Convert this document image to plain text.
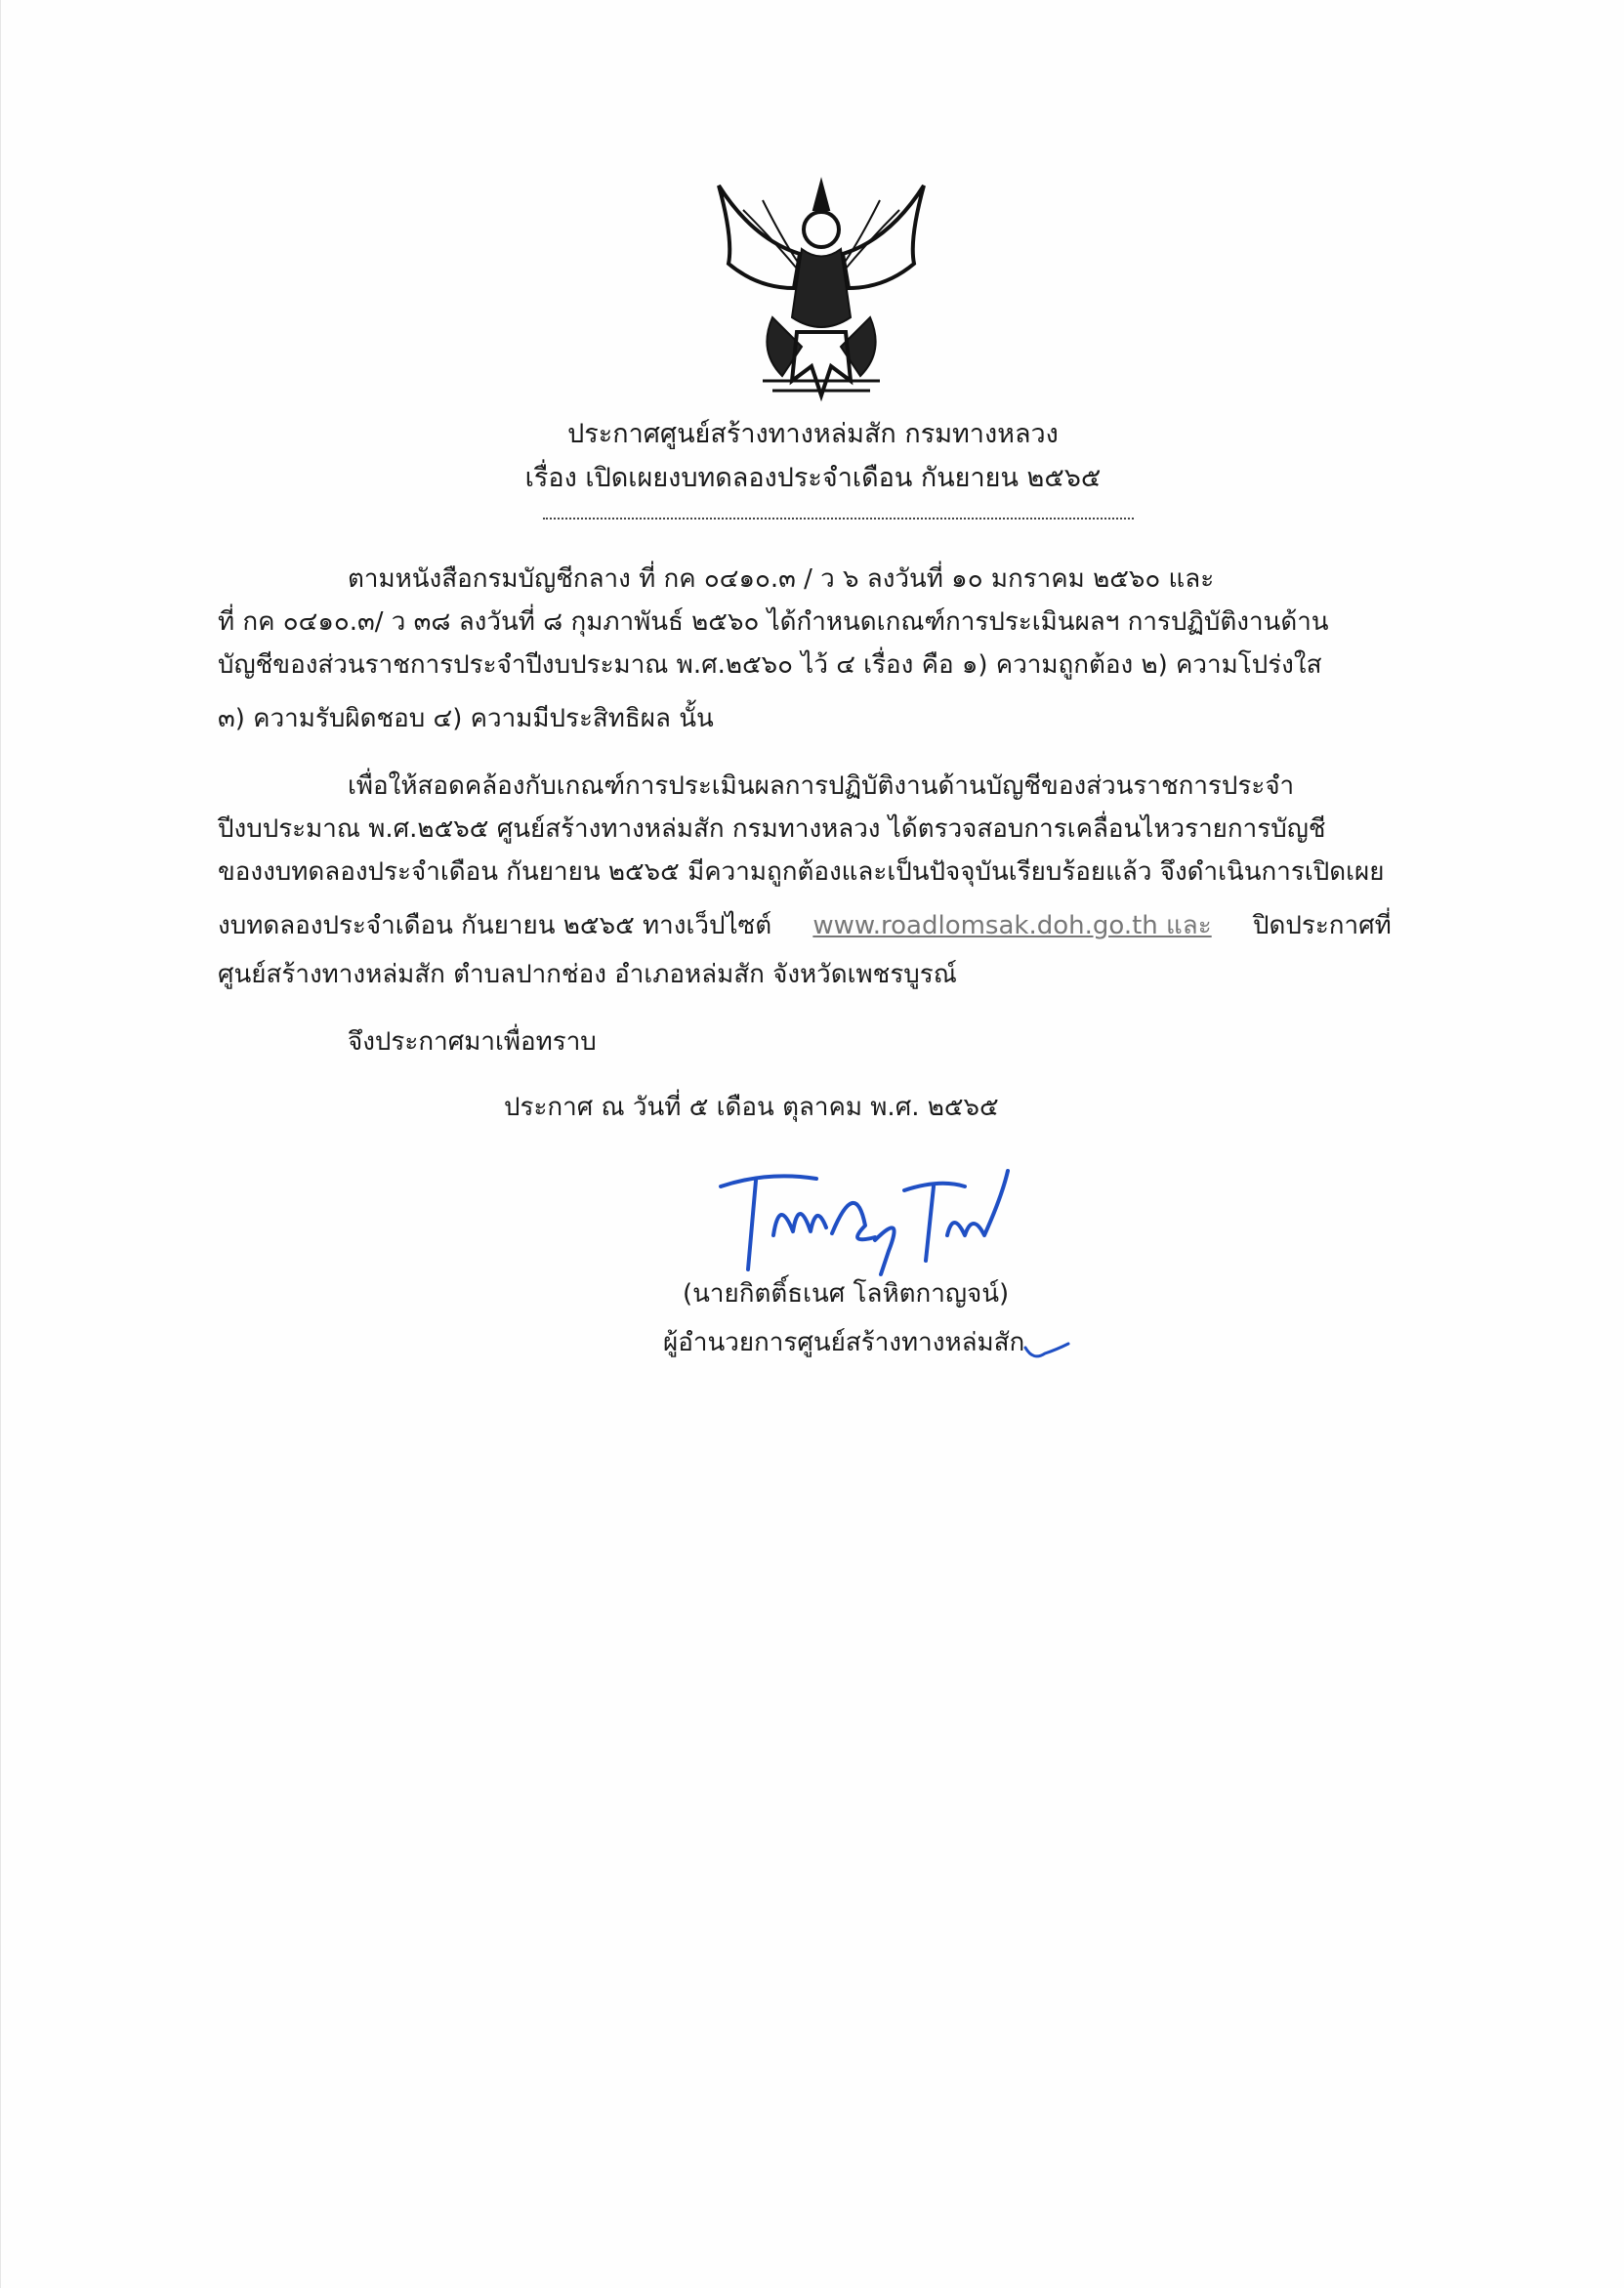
ประกาศศูนย์สร้างทางหล่มสัก กรมทางหลวง
เรื่อง เปิดเผยงบทดลองประจำเดือน กันยายน ๒๕๖๕
ตามหนังสือกรมบัญชีกลาง ที่ กค ๐๔๑๐.๓ / ว ๖ ลงวันที่ ๑๐ มกราคม ๒๕๖๐ และ
ที่ กค ๐๔๑๐.๓/ ว ๓๘ ลงวันที่ ๘ กุมภาพันธ์ ๒๕๖๐ ได้กำหนดเกณฑ์การประเมินผลฯ การปฏิบัติงานด้าน
บัญชีของส่วนราชการประจำปีงบประมาณ พ.ศ.๒๕๖๐ ไว้ ๔ เรื่อง คือ ๑) ความถูกต้อง ๒) ความโปร่งใส
๓) ความรับผิดชอบ ๔) ความมีประสิทธิผล นั้น
เพื่อให้สอดคล้องกับเกณฑ์การประเมินผลการปฏิบัติงานด้านบัญชีของส่วนราชการประจำ
ปีงบประมาณ พ.ศ.๒๕๖๕ ศูนย์สร้างทางหล่มสัก กรมทางหลวง ได้ตรวจสอบการเคลื่อนไหวรายการบัญชี
ของงบทดลองประจำเดือน กันยายน ๒๕๖๕ มีความถูกต้องและเป็นปัจจุบันเรียบร้อยแล้ว จึงดำเนินการเปิดเผย
งบทดลองประจำเดือน กันยายน ๒๕๖๕ ทางเว็ปไซต์ www.roadlomsak.doh.go.th และ ปิดประกาศที่
ศูนย์สร้างทางหล่มสัก ตำบลปากช่อง อำเภอหล่มสัก จังหวัดเพชรบูรณ์
จึงประกาศมาเพื่อทราบ
ประกาศ ณ วันที่ ๕ เดือน ตุลาคม พ.ศ. ๒๕๖๕
(นายกิตติ์ธเนศ โลหิตกาญจน์)
ผู้อำนวยการศูนย์สร้างทางหล่มสัก
